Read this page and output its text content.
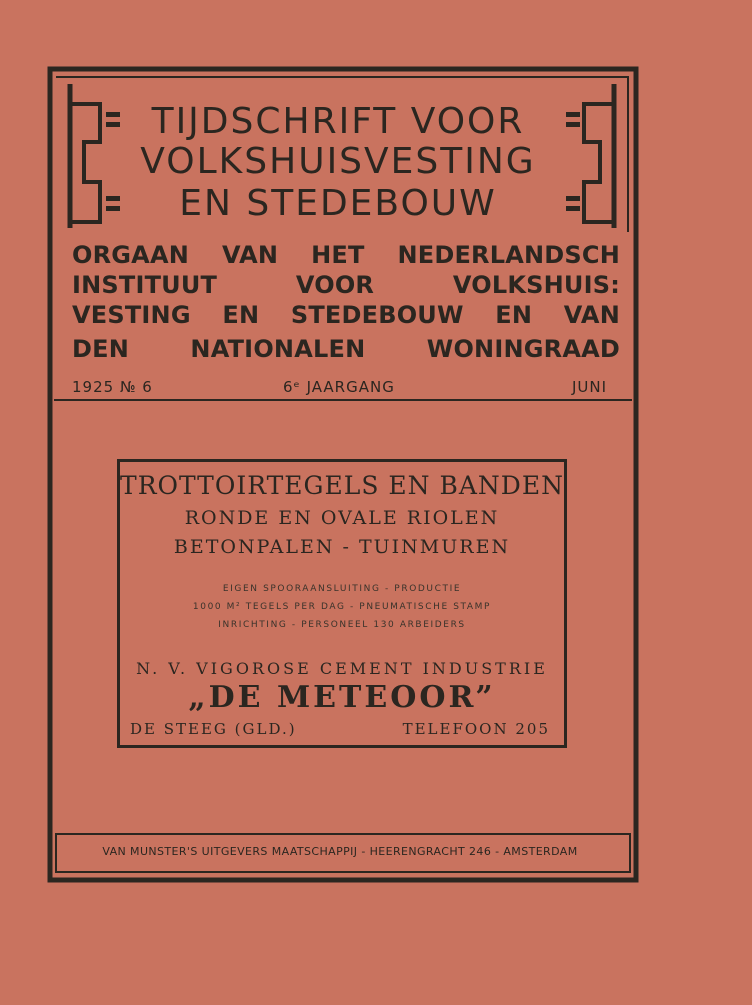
TIJDSCHRIFT VOOR
VOLKSHUISVESTING
EN STEDEBOUW
ORGAAN VAN HET NEDERLANDSCH
INSTITUUT VOOR VOLKSHUIS:
VESTING EN STEDEBOUW EN VAN
DEN NATIONALEN WONINGRAAD
1925 № 6	6ᵉ JAARGANG	JUNI
TROTTOIRTEGELS EN BANDEN
RONDE EN OVALE RIOLEN
BETONPALEN - TUINMUREN
EIGEN SPOORAANSLUITING - PRODUCTIE
1000 M² TEGELS PER DAG - PNEUMATISCHE STAMP
INRICHTING - PERSONEEL 130 ARBEIDERS
N. V. VIGOROSE CEMENT INDUSTRIE
„DE METEOOR”
DE STEEG (GLD.)	TELEFOON 205
VAN MUNSTER'S UITGEVERS MAATSCHAPPIJ - HEERENGRACHT 246 - AMSTERDAM
